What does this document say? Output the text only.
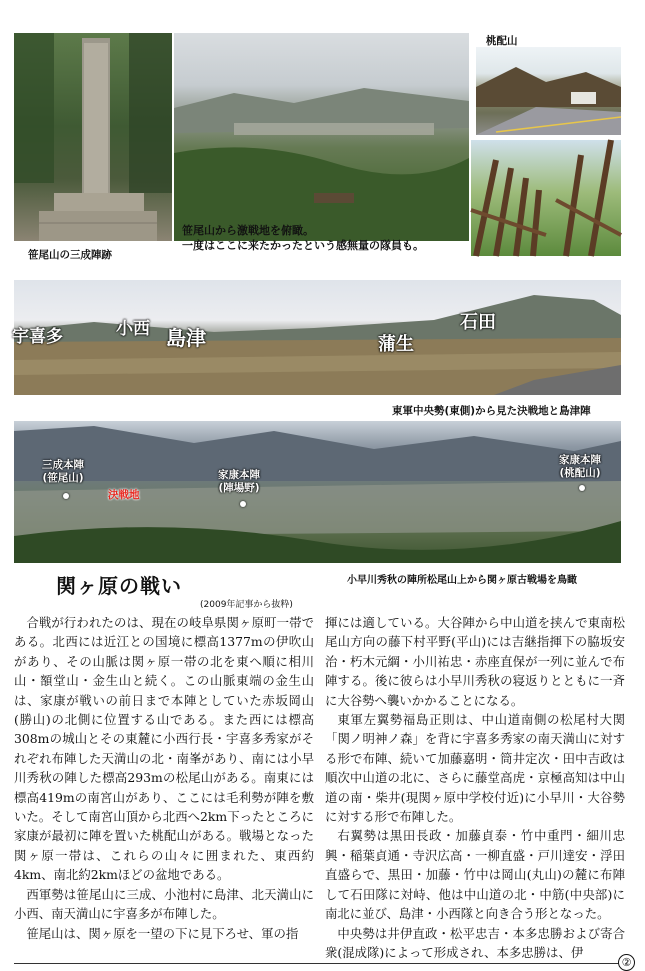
笹尾山から激戦地を俯瞰。
一度はここに来たかったという感無量の隊員も。
笹尾山の三成陣跡
桃配山
宇喜多	小西 島津	蒲生
石田
東軍中央勢(東側)から見た決戦地と島津陣
三成本陣
(笹尾山)
決戦地
家康本陣
(陣場野)
家康本陣
(桃配山)
小早川秀秋の陣所松尾山上から関ヶ原古戦場を鳥瞰
関ヶ原の戦い
(2009年記事から抜粋)

合戦が行われたのは、現在の岐阜県関ヶ原町一帯である。北西には近江との国境に標高1377mの伊吹山があり、その山脈は関ヶ原一帯の北を東へ順に相川山・額堂山・金生山と続く。この山脈東端の金生山は、家康が戦いの前日まで本陣としていた赤坂岡山(勝山)の北側に位置する山である。また西には標高308mの城山とその東麓に小西行長・宇喜多秀家がそれぞれ布陣した天満山の北・南峯があり、南には小早川秀秋の陣した標高293mの松尾山がある。南東には標高419mの南宮山があり、ここには毛利勢が陣を敷いた。そして南宮山頂から北西へ2km下ったところに家康が最初に陣を置いた桃配山がある。戦場となった関ヶ原一帯は、これらの山々に囲まれた、東西約4km、南北約2kmほどの盆地である。

西軍勢は笹尾山に三成、小池村に島津、北天満山に小西、南天満山に宇喜多が布陣した。

笹尾山は、関ヶ原を一望の下に見下ろせ、軍の指

揮には適している。大谷陣から中山道を挟んで東南松尾山方向の藤下村平野(平山)には吉継指揮下の脇坂安治・朽木元綱・小川祐忠・赤座直保が一列に並んで布陣する。後に彼らは小早川秀秋の寝返りとともに一斉に大谷勢へ襲いかかることになる。

東軍左翼勢福島正則は、中山道南側の松尾村大関「関ノ明神ノ森」を背に宇喜多秀家の南天満山に対する形で布陣、続いて加藤嘉明・筒井定次・田中吉政は順次中山道の北に、さらに藤堂高虎・京極高知は中山道の南・柴井(現関ヶ原中学校付近)に小早川・大谷勢に対する形で布陣した。

右翼勢は黒田長政・加藤貞泰・竹中重門・細川忠興・稲葉貞通・寺沢広高・一柳直盛・戸川達安・浮田直盛らで、黒田・加藤・竹中は岡山(丸山)の麓に布陣して石田隊に対峙、他は中山道の北・中筋(中央部)に南北に並び、島津・小西隊と向き合う形となった。

中央勢は井伊直政・松平忠吉・本多忠勝および寄合衆(混成隊)によって形成され、本多忠勝は、伊

②
